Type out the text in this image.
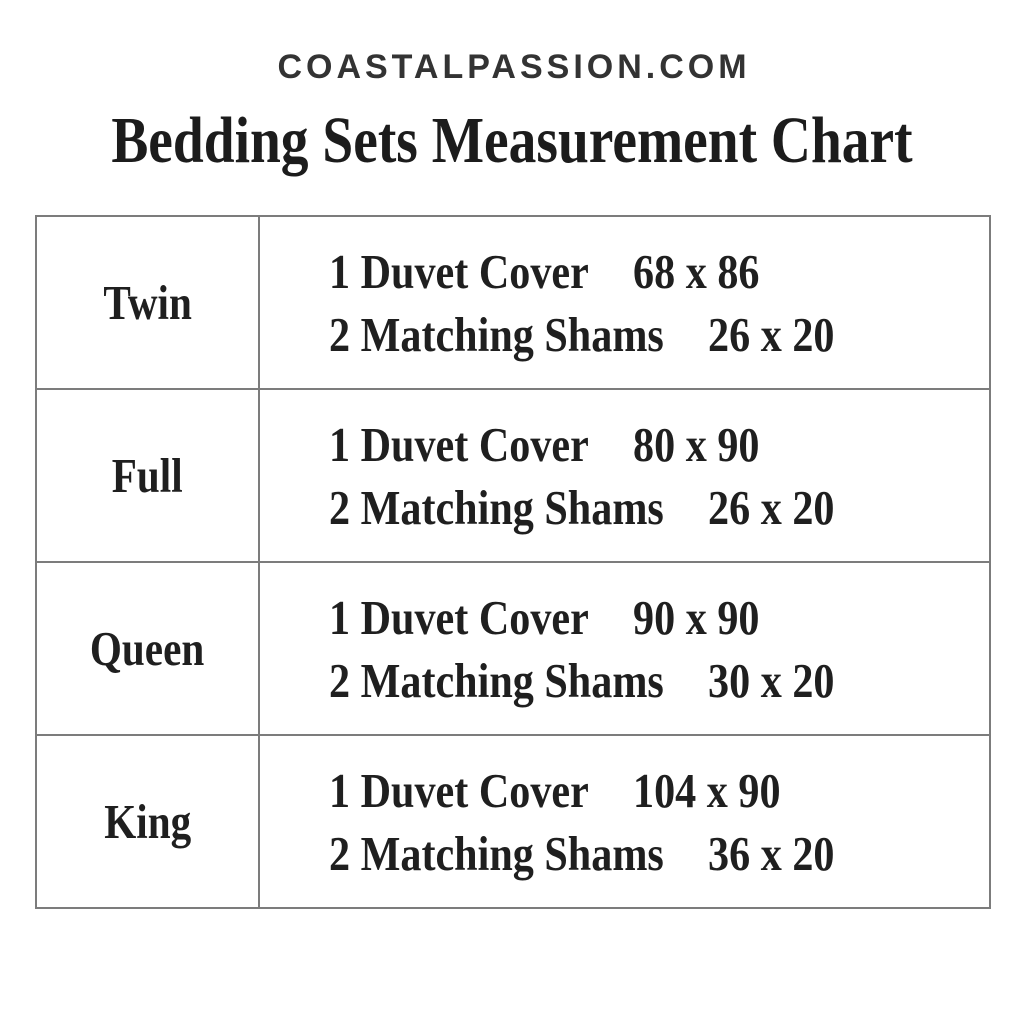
COASTALPASSION.COM
Bedding Sets Measurement Chart
Twin
1 Duvet Cover 68 x 86
2 Matching Shams 26 x 20
Full
1 Duvet Cover 80 x 90
2 Matching Shams 26 x 20
Queen
1 Duvet Cover 90 x 90
2 Matching Shams 30 x 20
King
1 Duvet Cover 104 x 90
2 Matching Shams 36 x 20
